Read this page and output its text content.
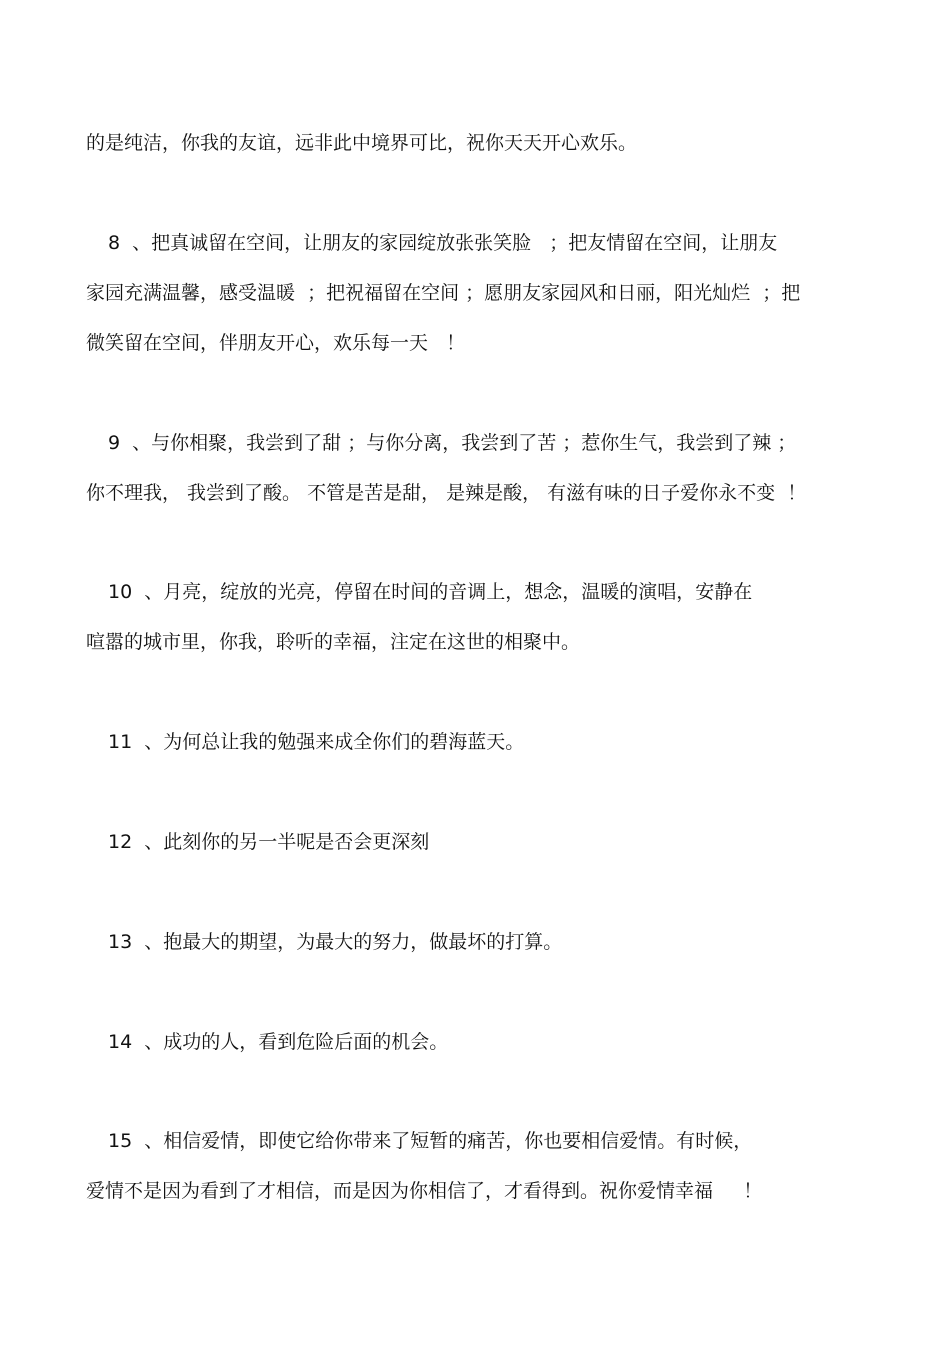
的是纯洁，你我的友谊，远非此中境界可比，祝你天天开心欢乐。
8  、把真诚留在空间，让朋友的家园绽放张张笑脸   ；把友情留在空间，让朋友
家园充满温馨，感受温暖  ；把祝福留在空间 ；愿朋友家园风和日丽，阳光灿烂  ；把
微笑留在空间，伴朋友开心，欢乐每一天   ！
9  、与你相聚，我尝到了甜 ；与你分离，我尝到了苦 ；惹你生气，我尝到了辣 ；
你不理我， 我尝到了酸。 不管是苦是甜， 是辣是酸， 有滋有味的日子爱你永不变  ！
10  、月亮，绽放的光亮，停留在时间的音调上，想念，温暖的演唱，安静在
喧嚣的城市里，你我，聆听的幸福，注定在这世的相聚中。
11  、为何总让我的勉强来成全你们的碧海蓝天。
12  、此刻你的另一半呢是否会更深刻
13  、抱最大的期望，为最大的努力，做最坏的打算。
14  、成功的人，看到危险后面的机会。
15  、相信爱情，即使它给你带来了短暂的痛苦，你也要相信爱情。有时候，
爱情不是因为看到了才相信，而是因为你相信了，才看得到。祝你爱情幸福     ！
